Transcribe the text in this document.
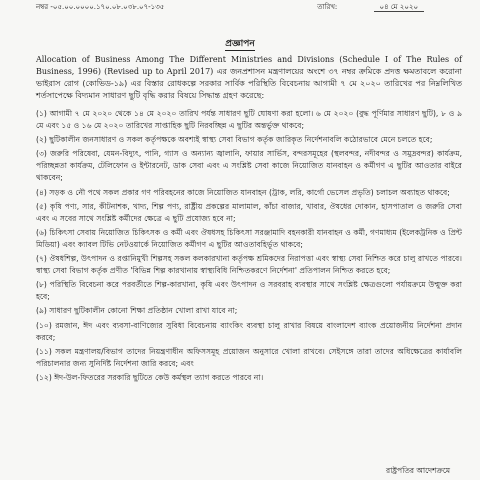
নম্বর -০৫.০০.০০০০.১৭০.০৮.০৩৮.০৭-১৩৫	তারিখ:	০৪ মে ২০২০
প্রজ্ঞাপন
Allocation of Business Among The Different Ministries and Divisions (Schedule I of The Rules of Business, 1996) (Revised up to April 2017) এর জনপ্রশাসন মন্ত্রণালয়ের অংশে ৩৭ নম্বর ক্রমিকে প্রদত্ত ক্ষমতাবলে করোনা ভাইরাস রোগ (কোভিড-১৯) এর বিস্তার রোধকল্পে সরকার সার্বিক পরিস্থিতি বিবেচনায় আগামী ৭ মে ২০২০ তারিখের পর নিম্নলিখিত শর্তসাপেক্ষে বিদ্যমান সাধারণ ছুটি বৃদ্ধি করার বিষয়ে সিদ্ধান্ত গ্রহণ করেছে:

(১) আগামী ৭ মে ২০২০ থেকে ১৪ মে ২০২০ তারিখ পর্যন্ত সাধারণ ছুটি ঘোষণা করা হলো। ৬ মে ২০২০ (বুদ্ধ পূর্ণিমার সাধারণ ছুটি), ৮ ও ৯ মে এবং ১৫ ও ১৬ মে ২০২০ তারিখের সাপ্তাহিক ছুটি নিরবচ্ছিন্ন এ ছুটির অন্তর্ভুক্ত থাকবে;

(২) ছুটিকালীন জনসাধারণ ও সকল কর্তৃপক্ষকে অবশ্যই স্বাস্থ্য সেবা বিভাগ কর্তৃক জারিকৃত নির্দেশনাবলি কঠোরভাবে মেনে চলতে হবে;

(৩) জরুরি পরিষেবা, যেমন-বিদ্যুৎ, পানি, গ্যাস ও অন্যান্য জ্বালানি, ফায়ার সার্ভিস, বন্দরসমূহের (স্থলবন্দর, নদীবন্দর ও সমুদ্রবন্দর) কার্যক্রম, পরিচ্ছন্নতা কার্যক্রম, টেলিফোন ও ইন্টারনেট, ডাক সেবা এবং এ সংশ্লিষ্ট সেবা কাজে নিয়োজিত যানবাহন ও কর্মীগণ এ ছুটির আওতার বাইরে থাকবেন;

(৪) সড়ক ও নৌ পথে সকল প্রকার গণ পরিবহনের কাজে নিয়োজিত যানবাহন (ট্রাক, লরি, কার্গো ভেসেল প্রভৃতি) চলাচল অব্যাহত থাকবে;

(৫) কৃষি পণ্য, সার, কীটনাশক, খাদ্য, শিল্প পণ্য, রাষ্ট্রীয় প্রকল্পের মালামাল, কাঁচা বাজার, খাবার, ঔষধের দোকান, হাসপাতাল ও জরুরি সেবা এবং এ সবের সাথে সংশ্লিষ্ট কর্মীদের ক্ষেত্রে এ ছুটি প্রযোজ্য হবে না;

(৬) চিকিৎসা সেবায় নিয়োজিত চিকিৎসক ও কর্মী এবং ঔষধসহ চিকিৎসা সরঞ্জামাদি বহনকারী যানবাহন ও কর্মী, গণমাধ্যম (ইলেকট্রনিক ও প্রিন্ট মিডিয়া) এবং ক্যাবল টিভি নেটওয়ার্কে নিয়োজিত কর্মীগণ এ ছুটির আওতাবহির্ভূত থাকবে;

(৭) ঔষধশিল্প, উৎপাদন ও রপ্তানিমুখী শিল্পসহ সকল কলকারখানা কর্তৃপক্ষ শ্রমিকদের নিরাপত্তা এবং স্বাস্থ্য সেবা নিশ্চিত করে চালু রাখতে পারবে। স্বাস্থ্য সেবা বিভাগ কর্তৃক প্রণীত 'বিভিন্ন শিল্প কারখানায় স্বাস্থ্যবিধি নিশ্চিতকরণে নির্দেশনা' প্রতিপালন নিশ্চিত করতে হবে;

(৮) পরিস্থিতি বিবেচনা করে পরবর্তীতে শিল্প-কারখানা, কৃষি এবং উৎপাদন ও সরবরাহ ব্যবস্থার সাথে সংশ্লিষ্ট ক্ষেত্রগুলো পর্যায়ক্রমে উন্মুক্ত করা হবে;

(৯) সাধারণ ছুটিকালীন কোনো শিক্ষা প্রতিষ্ঠান খোলা রাখা যাবে না;

(১০) রমজান, ঈদ এবং ব্যবসা-বাণিজ্যের সুবিধা বিবেচনায় ব্যাংকিং ব্যবস্থা চালু রাখার বিষয়ে বাংলাদেশ ব্যাংক প্রয়োজনীয় নির্দেশনা প্রদান করবে;

(১১) সকল মন্ত্রণালয়/বিভাগ তাদের নিয়ন্ত্রণাধীন অফিসসমূহ প্রয়োজন অনুসারে খোলা রাখবে। সেইসঙ্গে তারা তাদের অধিক্ষেত্রের কার্যাবলি পরিচালনার জন্য সুনির্দিষ্ট নির্দেশনা জারি করবে; এবং

(১২) ঈদ-উল-ফিতরের সরকারি ছুটিতে কেউ কর্মস্থল ত্যাগ করতে পারবে না।

রাষ্ট্রপতির আদেশক্রমে
